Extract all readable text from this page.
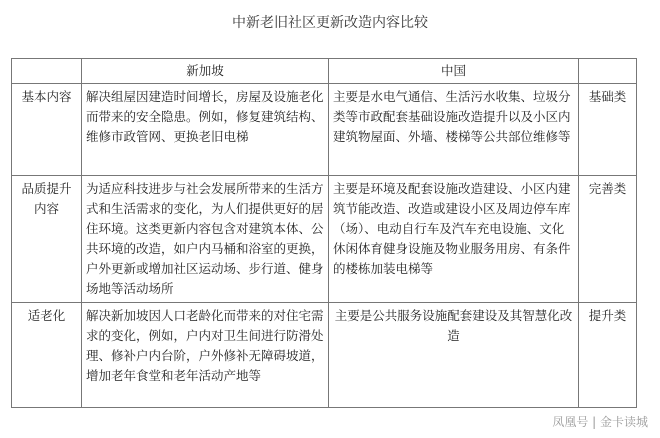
中新老旧社区更新改造内容比较
	新加坡	中国	
基本内容	解决组屋因建造时间增长，房屋及设施老化而带来的安全隐患。例如，修复建筑结构、维修市政管网、更换老旧电梯	主要是水电气通信、生活污水收集、垃圾分类等市政配套基础设施改造提升以及小区内建筑物屋面、外墙、楼梯等公共部位维修等	基础类
品质提升内容	为适应科技进步与社会发展所带来的生活方式和生活需求的变化，为人们提供更好的居住环境。这类更新内容包含对建筑本体、公共环境的改造，如户内马桶和浴室的更换，户外更新或增加社区运动场、步行道、健身场地等活动场所	主要是环境及配套设施改造建设、小区内建筑节能改造、改造或建设小区及周边停车库（场）、电动自行车及汽车充电设施、文化休闲体育健身设施及物业服务用房、有条件的楼栋加装电梯等	完善类
适老化	解决新加坡因人口老龄化而带来的对住宅需求的变化，例如，户内对卫生间进行防滑处理、修补户内台阶，户外修补无障碍坡道，增加老年食堂和老年活动产地等	主要是公共服务设施配套建设及其智慧化改造	提升类
凤凰号 | 金卡读城
